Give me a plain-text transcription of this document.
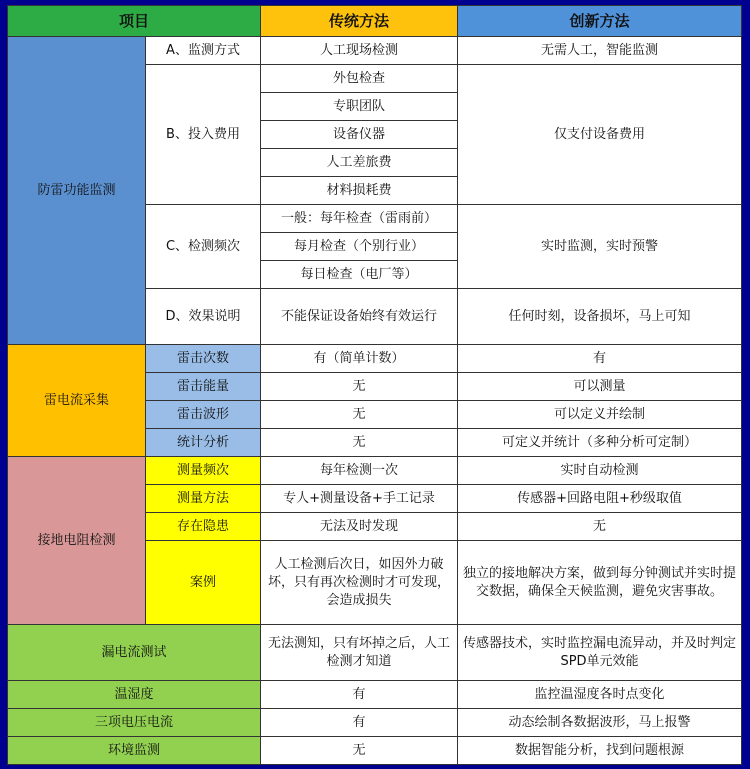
项目		传统方法	创新方法
防雷功能监测	A、监测方式	人工现场检测	无需人工，智能监测
	B、投入费用	外包检查	仅支付设备费用
		专职团队	
		设备仪器	
		人工差旅费	
		材料损耗费	
	C、检测频次	一般：每年检查（雷雨前）	实时监测，实时预警
		每月检查（个别行业）	
		每日检查（电厂等）	
	D、效果说明	不能保证设备始终有效运行	任何时刻，设备损坏，马上可知
雷电流采集	雷击次数	有（简单计数）	有
	雷击能量	无	可以测量
	雷击波形	无	可以定义并绘制
	统计分析	无	可定义并统计（多种分析可定制）
接地电阻检测	测量频次	每年检测一次	实时自动检测
	测量方法	专人+测量设备+手工记录	传感器+回路电阻+秒级取值
	存在隐患	无法及时发现	无
	案例	人工检测后次日，如因外力破坏，只有再次检测时才可发现，会造成损失	独立的接地解决方案，做到每分钟测试并实时提交数据，确保全天候监测，避免灾害事故。
漏电流测试		无法测知，只有坏掉之后，人工检测才知道	传感器技术，实时监控漏电流异动，并及时判定SPD单元效能
温湿度		有	监控温湿度各时点变化
三项电压电流		有	动态绘制各数据波形，马上报警
环境监测		无	数据智能分析，找到问题根源
